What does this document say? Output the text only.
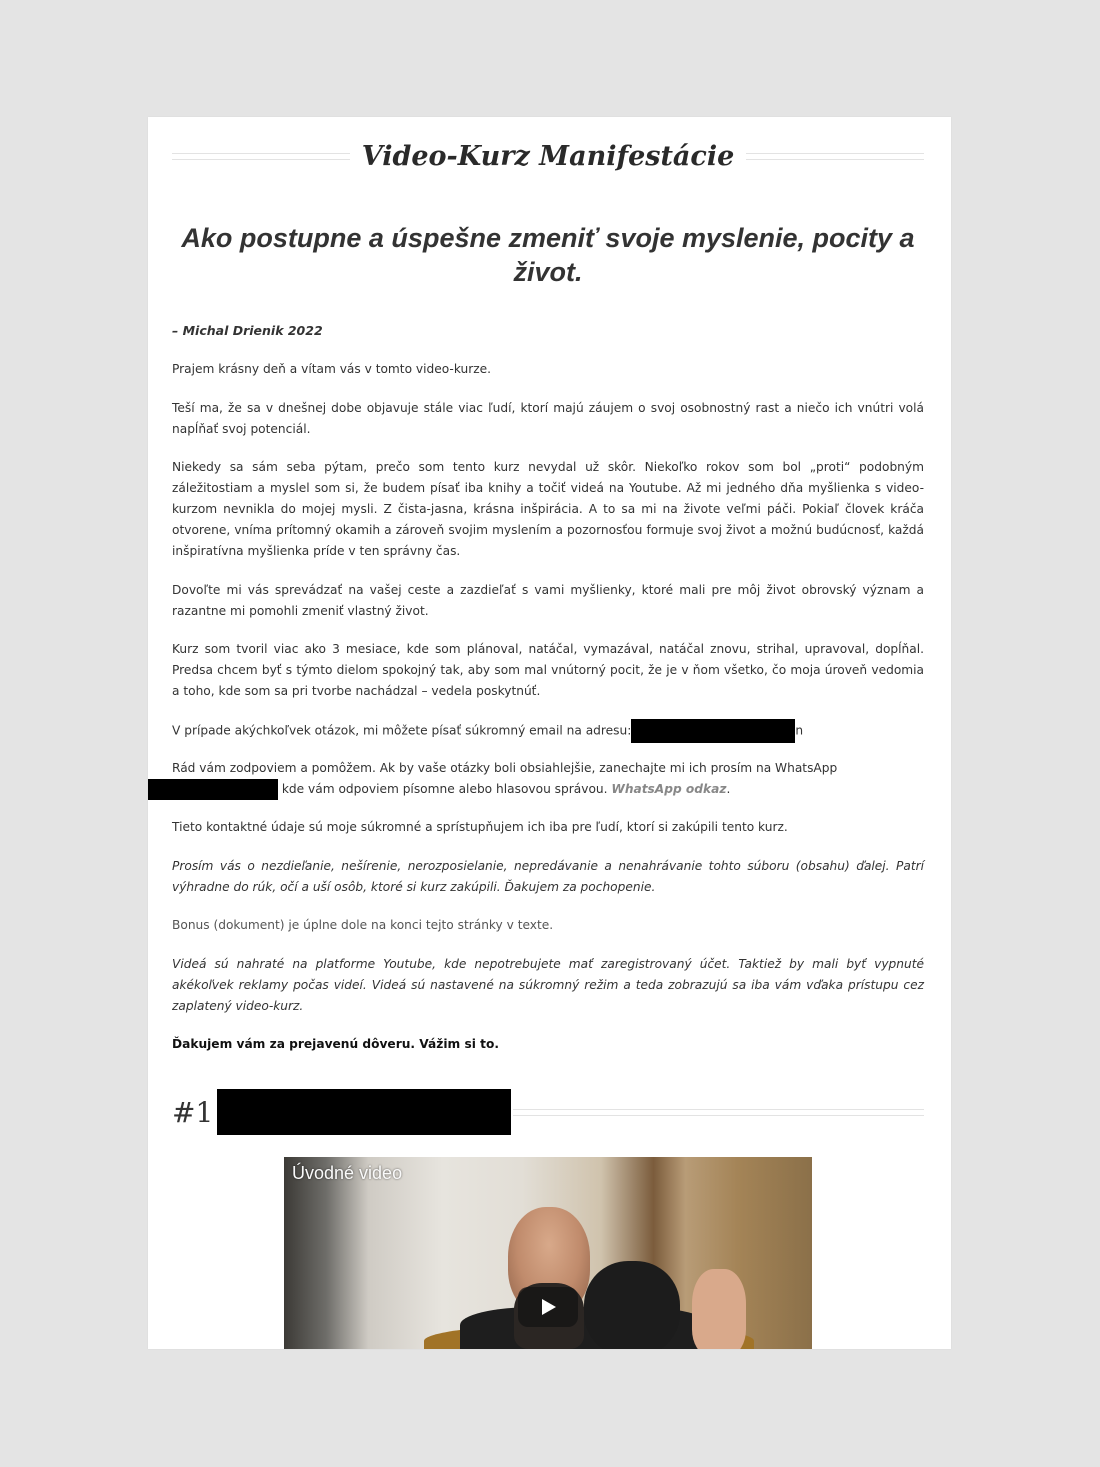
Video-Kurz Manifestácie
Ako postupne a úspešne zmeniť svoje myslenie, pocity a život.
– Michal Drienik 2022
Prajem krásny deň a vítam vás v tomto video-kurze.
Teší ma, že sa v dnešnej dobe objavuje stále viac ľudí, ktorí majú záujem o svoj osobnostný rast a niečo ich vnútri volá napĺňať svoj potenciál.
Niekedy sa sám seba pýtam, prečo som tento kurz nevydal už skôr. Niekoľko rokov som bol „proti“ podobným záležitostiam a myslel som si, že budem písať iba knihy a točiť videá na Youtube. Až mi jedného dňa myšlienka s video-kurzom nevnikla do mojej mysli. Z čista-jasna, krásna inšpirácia. A to sa mi na živote veľmi páči. Pokiaľ človek kráča otvorene, vníma prítomný okamih a zároveň svojim myslením a pozornosťou formuje svoj život a možnú budúcnosť, každá inšpiratívna myšlienka príde v ten správny čas.
Dovoľte mi vás sprevádzať na vašej ceste a zazdieľať s vami myšlienky, ktoré mali pre môj život obrovský význam a razantne mi pomohli zmeniť vlastný život.
Kurz som tvoril viac ako 3 mesiace, kde som plánoval, natáčal, vymazával, natáčal znovu, strihal, upravoval, dopĺňal. Predsa chcem byť s týmto dielom spokojný tak, aby som mal vnútorný pocit, že je v ňom všetko, čo moja úroveň vedomia a toho, kde som sa pri tvorbe nachádzal – vedela poskytnúť.
V prípade akýchkoľvek otázok, mi môžete písať súkromný email na adresu:	n
Rád vám zodpoviem a pomôžem. Ak by vaše otázky boli obsiahlejšie, zanechajte mi ich prosím na WhatsApp
kde vám odpoviem písomne alebo hlasovou správou. WhatsApp odkaz.
Tieto kontaktné údaje sú moje súkromné a sprístupňujem ich iba pre ľudí, ktorí si zakúpili tento kurz.
Prosím vás o nezdieľanie, nešírenie, nerozposielanie, nepredávanie a nenahrávanie tohto súboru (obsahu) ďalej. Patrí výhradne do rúk, očí a uší osôb, ktoré si kurz zakúpili. Ďakujem za pochopenie.
Bonus (dokument) je úplne dole na konci tejto stránky v texte.
Videá sú nahraté na platforme Youtube, kde nepotrebujete mať zaregistrovaný účet. Taktiež by mali byť vypnuté akékoľvek reklamy počas videí. Videá sú nastavené na súkromný režim a teda zobrazujú sa iba vám vďaka prístupu cez zaplatený video-kurz.
Ďakujem vám za prejavenú dôveru. Vážim si to.
#1
Úvodné video
